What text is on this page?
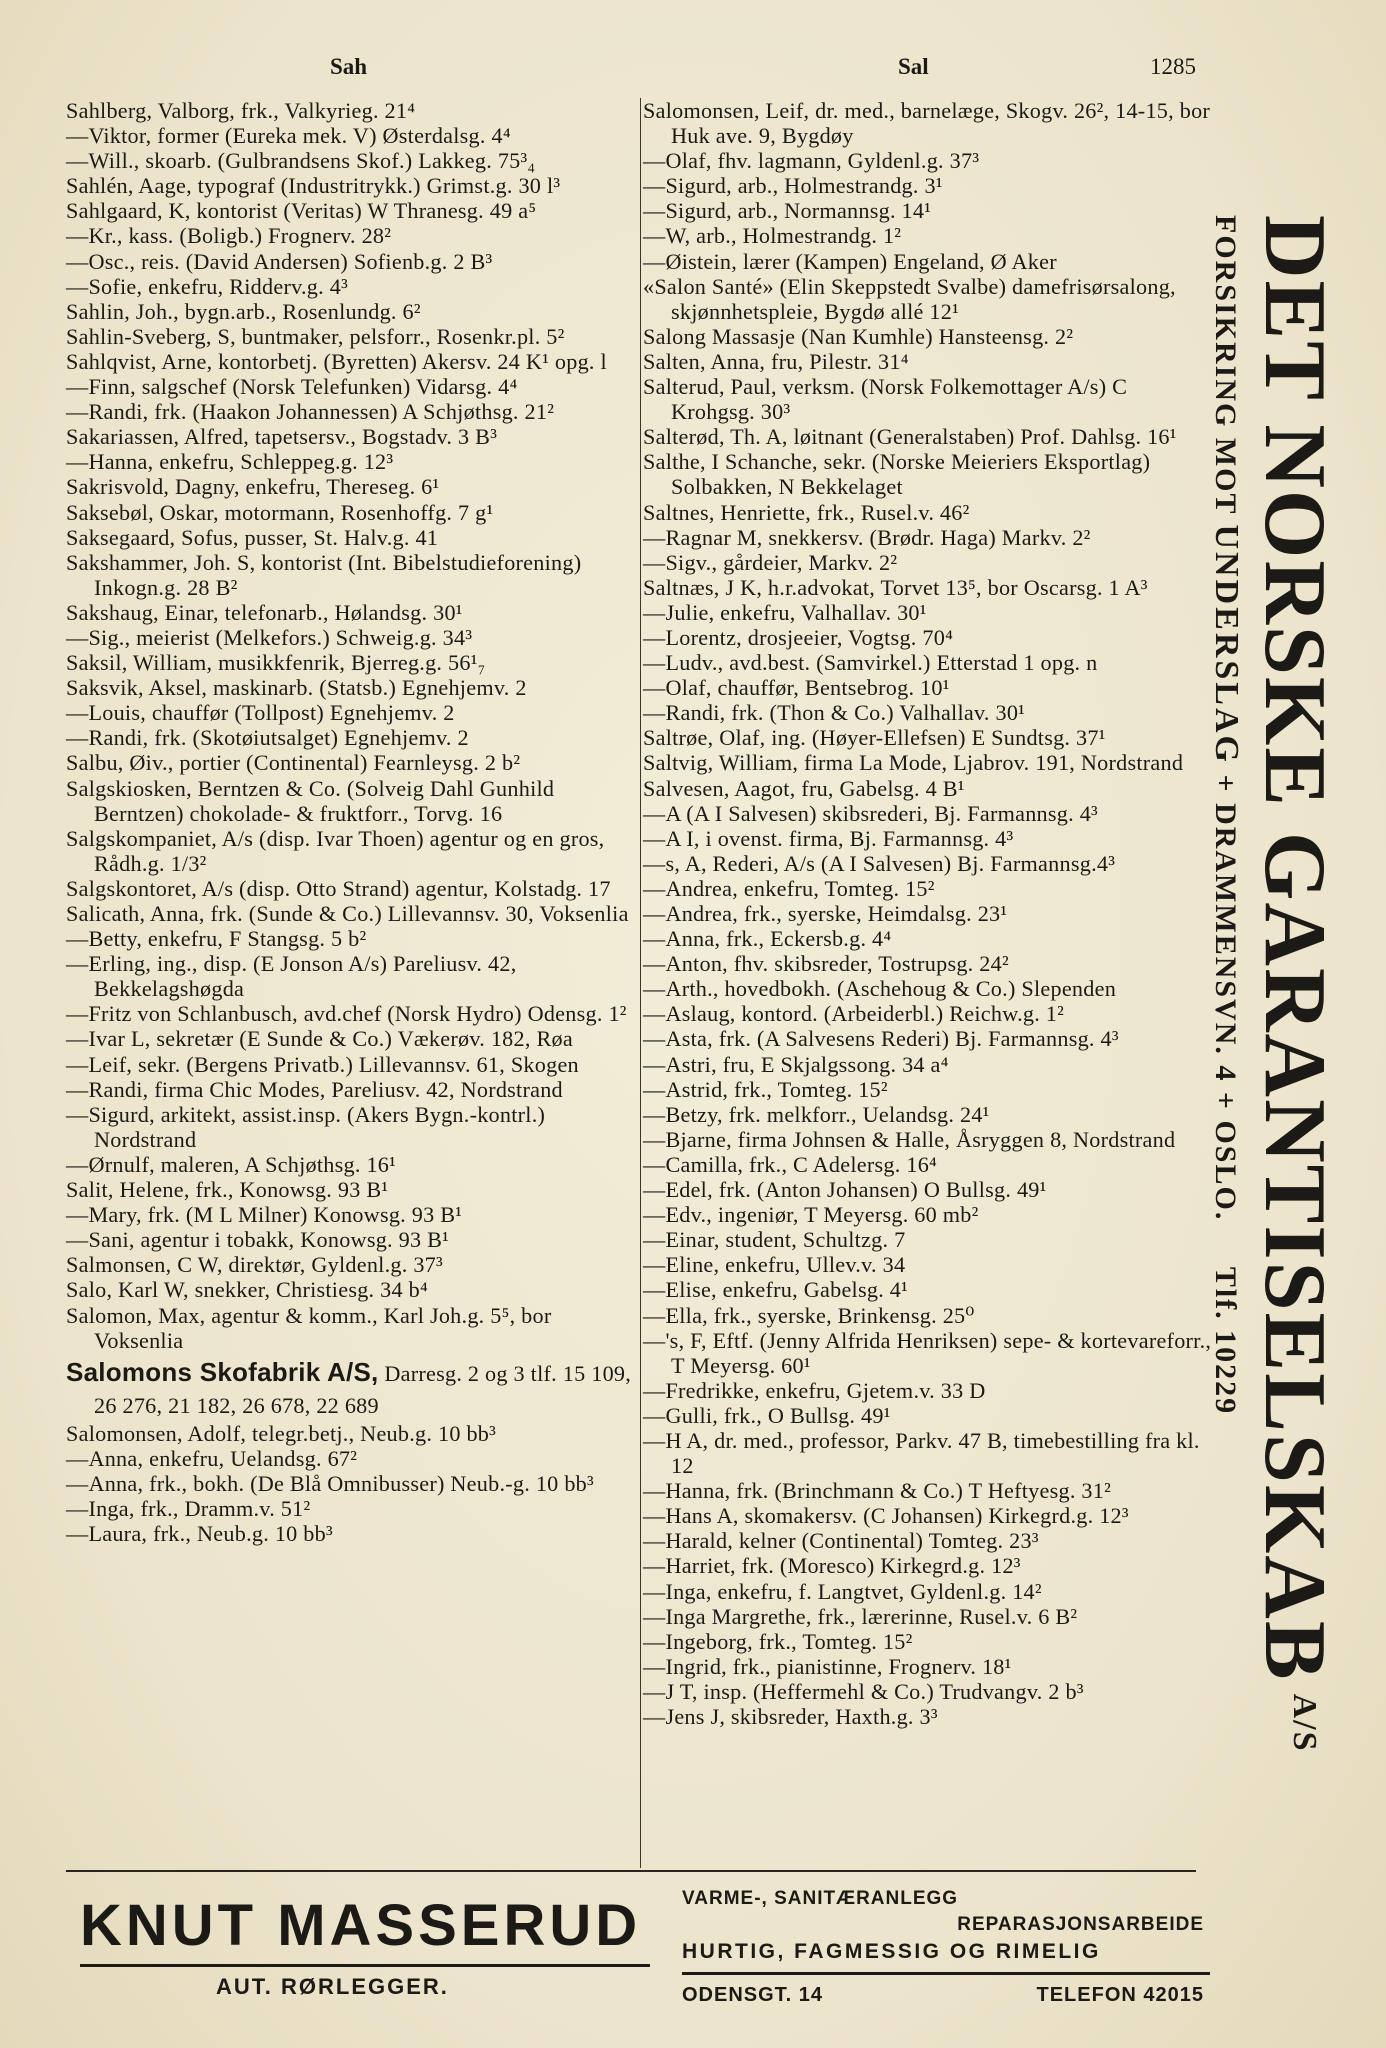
Sah	Sal	1285
Sahlberg, Valborg, frk., Valkyrieg. 21⁴
—Viktor, former (Eureka mek. V) Østerdalsg. 4⁴
—Will., skoarb. (Gulbrandsens Skof.) Lakkeg. 75³₄
Sahlén, Aage, typograf (Industritrykk.) Grimst.g. 30 l³
Sahlgaard, K, kontorist (Veritas) W Thranesg. 49 a⁵
—Kr., kass. (Boligb.) Frognerv. 28²
—Osc., reis. (David Andersen) Sofienb.g. 2 B³
—Sofie, enkefru, Ridderv.g. 4³
Sahlin, Joh., bygn.arb., Rosenlundg. 6²
Sahlin-Sveberg, S, buntmaker, pelsforr., Rosenkr.pl. 5²
Sahlqvist, Arne, kontorbetj. (Byretten) Akersv. 24 K¹ opg. l
—Finn, salgschef (Norsk Telefunken) Vidarsg. 4⁴
—Randi, frk. (Haakon Johannessen) A Schjøthsg. 21²
Sakariassen, Alfred, tapetsersv., Bogstadv. 3 B³
—Hanna, enkefru, Schleppeg.g. 12³
Sakrisvold, Dagny, enkefru, Thereseg. 6¹
Saksebøl, Oskar, motormann, Rosenhoffg. 7 g¹
Saksegaard, Sofus, pusser, St. Halv.g. 41
Sakshammer, Joh. S, kontorist (Int. Bibelstudieforening) Inkogn.g. 28 B²
Sakshaug, Einar, telefonarb., Hølandsg. 30¹
—Sig., meierist (Melkefors.) Schweig.g. 34³
Saksil, William, musikkfenrik, Bjerreg.g. 56¹₇
Saksvik, Aksel, maskinarb. (Statsb.) Egnehjemv. 2
—Louis, chauffør (Tollpost) Egnehjemv. 2
—Randi, frk. (Skotøiutsalget) Egnehjemv. 2
Salbu, Øiv., portier (Continental) Fearnleysg. 2 b²
Salgskiosken, Berntzen & Co. (Solveig Dahl Gunhild Berntzen) chokolade- & fruktforr., Torvg. 16
Salgskompaniet, A/s (disp. Ivar Thoen) agentur og en gros, Rådh.g. 1/3²
Salgskontoret, A/s (disp. Otto Strand) agentur, Kolstadg. 17
Salicath, Anna, frk. (Sunde & Co.) Lillevannsv. 30, Voksenlia
—Betty, enkefru, F Stangsg. 5 b²
—Erling, ing., disp. (E Jonson A/s) Pareliusv. 42, Bekkelagshøgda
—Fritz von Schlanbusch, avd.chef (Norsk Hydro) Odensg. 1²
—Ivar L, sekretær (E Sunde & Co.) Vækerøv. 182, Røa
—Leif, sekr. (Bergens Privatb.) Lillevannsv. 61, Skogen
—Randi, firma Chic Modes, Pareliusv. 42, Nordstrand
—Sigurd, arkitekt, assist.insp. (Akers Bygn.-kontrl.) Nordstrand
—Ørnulf, maleren, A Schjøthsg. 16¹
Salit, Helene, frk., Konowsg. 93 B¹
—Mary, frk. (M L Milner) Konowsg. 93 B¹
—Sani, agentur i tobakk, Konowsg. 93 B¹
Salmonsen, C W, direktør, Gyldenl.g. 37³
Salo, Karl W, snekker, Christiesg. 34 b⁴
Salomon, Max, agentur & komm., Karl Joh.g. 5⁵, bor Voksenlia
Salomons Skofabrik A/S, Darresg. 2 og 3 tlf. 15 109, 26 276, 21 182, 26 678, 22 689
Salomonsen, Adolf, telegr.betj., Neub.g. 10 bb³
—Anna, enkefru, Uelandsg. 67²
—Anna, frk., bokh. (De Blå Omnibusser) Neub.-g. 10 bb³
—Inga, frk., Dramm.v. 51²
—Laura, frk., Neub.g. 10 bb³
Salomonsen, Leif, dr. med., barnelæge, Skogv. 26², 14-15, bor Huk ave. 9, Bygdøy
—Olaf, fhv. lagmann, Gyldenl.g. 37³
—Sigurd, arb., Holmestrandg. 3¹
—Sigurd, arb., Normannsg. 14¹
—W, arb., Holmestrandg. 1²
—Øistein, lærer (Kampen) Engeland, Ø Aker
«Salon Santé» (Elin Skeppstedt Svalbe) damefrisørsalong, skjønnhetspleie, Bygdø allé 12¹
Salong Massasje (Nan Kumhle) Hansteensg. 2²
Salten, Anna, fru, Pilestr. 31⁴
Salterud, Paul, verksm. (Norsk Folkemottager A/s) C Krohgsg. 30³
Salterød, Th. A, løitnant (Generalstaben) Prof. Dahlsg. 16¹
Salthe, I Schanche, sekr. (Norske Meieriers Eksportlag) Solbakken, N Bekkelaget
Saltnes, Henriette, frk., Rusel.v. 46²
—Ragnar M, snekkersv. (Brødr. Haga) Markv. 2²
—Sigv., gårdeier, Markv. 2²
Saltnæs, J K, h.r.advokat, Torvet 13⁵, bor Oscarsg. 1 A³
—Julie, enkefru, Valhallav. 30¹
—Lorentz, drosjeeier, Vogtsg. 70⁴
—Ludv., avd.best. (Samvirkel.) Etterstad 1 opg. n
—Olaf, chauffør, Bentsebrog. 10¹
—Randi, frk. (Thon & Co.) Valhallav. 30¹
Saltrøe, Olaf, ing. (Høyer-Ellefsen) E Sundtsg. 37¹
Saltvig, William, firma La Mode, Ljabrov. 191, Nordstrand
Salvesen, Aagot, fru, Gabelsg. 4 B¹
—A (A I Salvesen) skibsrederi, Bj. Farmannsg. 4³
—A I, i ovenst. firma, Bj. Farmannsg. 4³
—s, A, Rederi, A/s (A I Salvesen) Bj. Farmannsg.4³
—Andrea, enkefru, Tomteg. 15²
—Andrea, frk., syerske, Heimdalsg. 23¹
—Anna, frk., Eckersb.g. 4⁴
—Anton, fhv. skibsreder, Tostrupsg. 24²
—Arth., hovedbokh. (Aschehoug & Co.) Slependen
—Aslaug, kontord. (Arbeiderbl.) Reichw.g. 1²
—Asta, frk. (A Salvesens Rederi) Bj. Farmannsg. 4³
—Astri, fru, E Skjalgssong. 34 a⁴
—Astrid, frk., Tomteg. 15²
—Betzy, frk. melkforr., Uelandsg. 24¹
—Bjarne, firma Johnsen & Halle, Åsryggen 8, Nordstrand
—Camilla, frk., C Adelersg. 16⁴
—Edel, frk. (Anton Johansen) O Bullsg. 49¹
—Edv., ingeniør, T Meyersg. 60 mb²
—Einar, student, Schultzg. 7
—Eline, enkefru, Ullev.v. 34
—Elise, enkefru, Gabelsg. 4¹
—Ella, frk., syerske, Brinkensg. 25⁰
—'s, F, Eftf. (Jenny Alfrida Henriksen) sepe- & kortevareforr., T Meyersg. 60¹
—Fredrikke, enkefru, Gjetem.v. 33 D
—Gulli, frk., O Bullsg. 49¹
—H A, dr. med., professor, Parkv. 47 B, timebestilling fra kl. 12
—Hanna, frk. (Brinchmann & Co.) T Heftyesg. 31²
—Hans A, skomakersv. (C Johansen) Kirkegrd.g. 12³
—Harald, kelner (Continental) Tomteg. 23³
—Harriet, frk. (Moresco) Kirkegrd.g. 12³
—Inga, enkefru, f. Langtvet, Gyldenl.g. 14²
—Inga Margrethe, frk., lærerinne, Rusel.v. 6 B²
—Ingeborg, frk., Tomteg. 15²
—Ingrid, frk., pianistinne, Frognerv. 18¹
—J T, insp. (Heffermehl & Co.) Trudvangv. 2 b³
—Jens J, skibsreder, Haxth.g. 3³
DET NORSKE $GARANTISELSKAB^{A/S}$
FORSIKRING MOT UNDERSLAG + DRAMMENSVN. 4 + OSLO. Tlf. 10229
KNUT MASSERUD
AUT. RØRLEGGER.
VARME-, SANITÆRANLEGG
REPARASJONSARBEIDE
HURTIG, FAGMESSIG OG RIMELIG
ODENSGT. 14	TELEFON 42015
